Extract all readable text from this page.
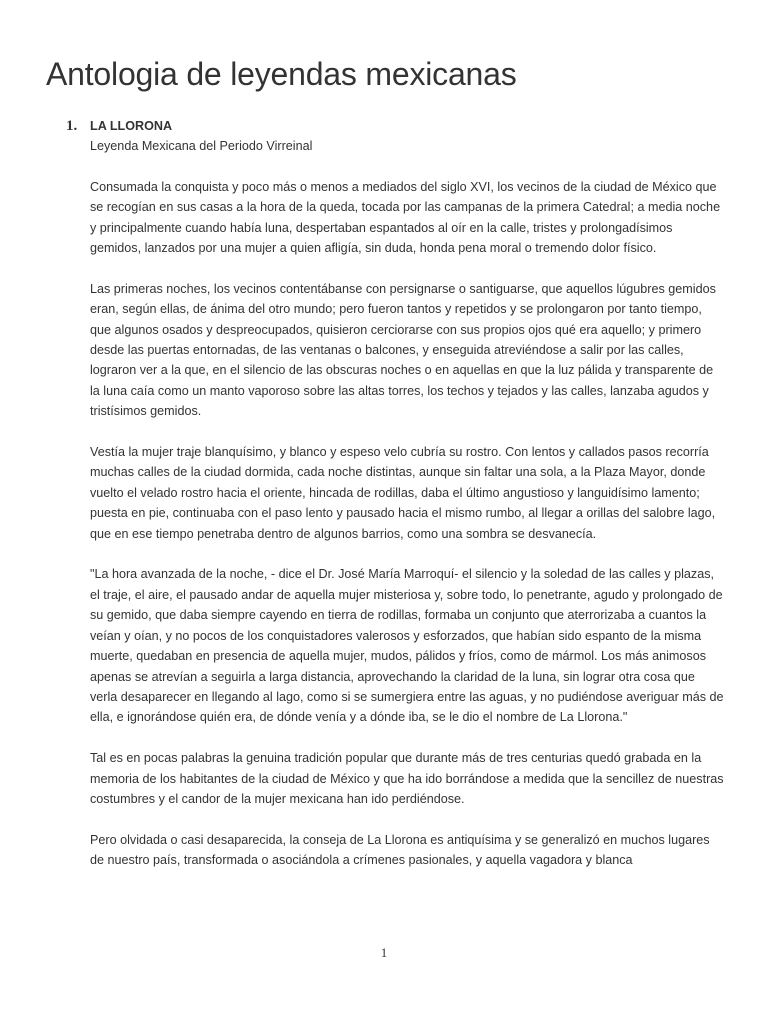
Antologia de leyendas mexicanas
1. LA LLORONA

Leyenda Mexicana del Periodo Virreinal

Consumada la conquista y poco más o menos a mediados del siglo XVI, los vecinos de la ciudad de México que se recogían en sus casas a la hora de la queda, tocada por las campanas de la primera Catedral; a media noche y principalmente cuando había luna, despertaban espantados al oír en la calle, tristes y prolongadísimos gemidos, lanzados por una mujer a quien afligía, sin duda, honda pena moral o tremendo dolor físico.

Las primeras noches, los vecinos contentábanse con persignarse o santiguarse, que aquellos lúgubres gemidos eran, según ellas, de ánima del otro mundo; pero fueron tantos y repetidos y se prolongaron por tanto tiempo, que algunos osados y despreocupados, quisieron cerciorarse con sus propios ojos qué era aquello; y primero desde las puertas entornadas, de las ventanas o balcones, y enseguida atreviéndose a salir por las calles, lograron ver a la que, en el silencio de las obscuras noches o en aquellas en que la luz pálida y transparente de la luna caía como un manto vaporoso sobre las altas torres, los techos y tejados y las calles, lanzaba agudos y tristísimos gemidos.

Vestía la mujer traje blanquísimo, y blanco y espeso velo cubría su rostro. Con lentos y callados pasos recorría muchas calles de la ciudad dormida, cada noche distintas, aunque sin faltar una sola, a la Plaza Mayor, donde vuelto el velado rostro hacia el oriente, hincada de rodillas, daba el último angustioso y languidísimo lamento; puesta en pie, continuaba con el paso lento y pausado hacia el mismo rumbo, al llegar a orillas del salobre lago, que en ese tiempo penetraba dentro de algunos barrios, como una sombra se desvanecía.

"La hora avanzada de la noche, - dice el Dr. José María Marroquí- el silencio y la soledad de las calles y plazas, el traje, el aire, el pausado andar de aquella mujer misteriosa y, sobre todo, lo penetrante, agudo y prolongado de su gemido, que daba siempre cayendo en tierra de rodillas, formaba un conjunto que aterrorizaba a cuantos la veían y oían, y no pocos de los conquistadores valerosos y esforzados, que habían sido espanto de la misma muerte, quedaban en presencia de aquella mujer, mudos, pálidos y fríos, como de mármol. Los más animosos apenas se atrevían a seguirla a larga distancia, aprovechando la claridad de la luna, sin lograr otra cosa que verla desaparecer en llegando al lago, como si se sumergiera entre las aguas, y no pudiéndose averiguar más de ella, e ignorándose quién era, de dónde venía y a dónde iba, se le dio el nombre de La Llorona."

Tal es en pocas palabras la genuina tradición popular que durante más de tres centurias quedó grabada en la memoria de los habitantes de la ciudad de México y que ha ido borrándose a medida que la sencillez de nuestras costumbres y el candor de la mujer mexicana han ido perdiéndose.

Pero olvidada o casi desaparecida, la conseja de La Llorona es antiquísima y se generalizó en muchos lugares de nuestro país, transformada o asociándola a crímenes pasionales, y aquella vagadora y blanca

1
